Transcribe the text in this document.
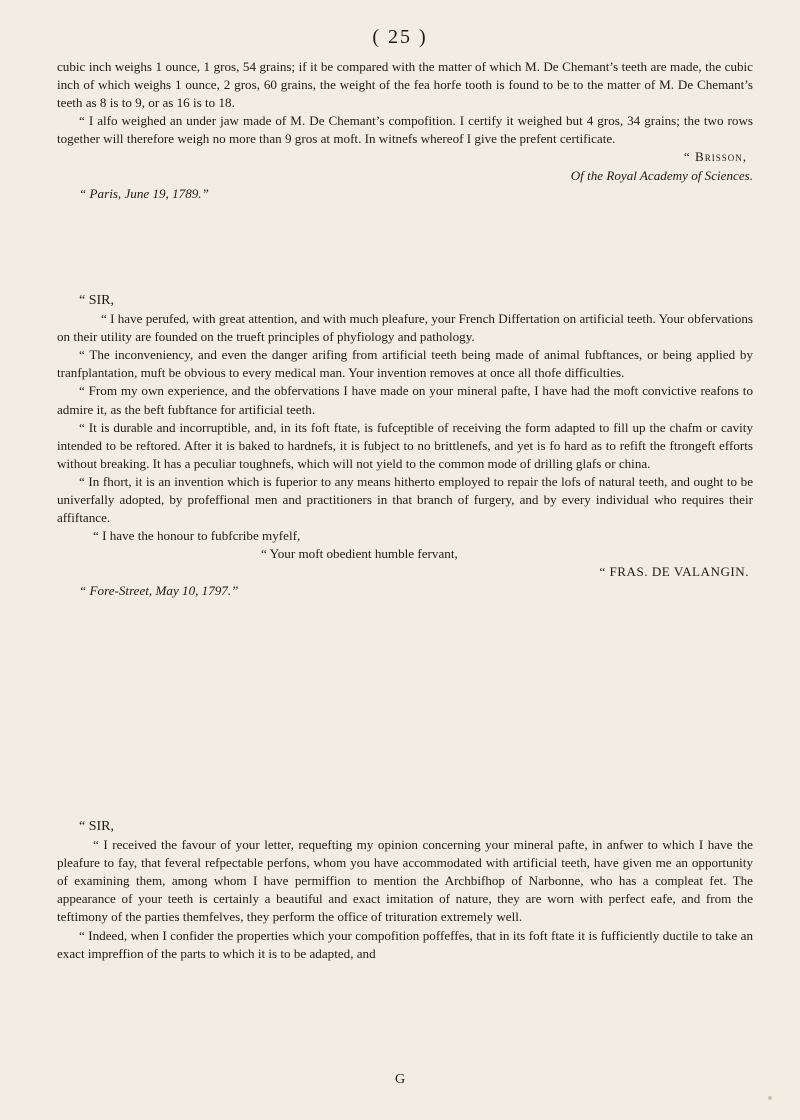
( 25 )

cubic inch weighs 1 ounce, 1 gros, 54 grains; if it be compared with the matter of which M. De Chemant’s teeth are made, the cubic inch of which weighs 1 ounce, 2 gros, 60 grains, the weight of the fea horfe tooth is found to be to the matter of M. De Chemant’s teeth as 8 is to 9, or as 16 is to 18.

“ I alfo weighed an under jaw made of M. De Chemant’s compofition. I certify it weighed but 4 gros, 34 grains; the two rows together will therefore weigh no more than 9 gros at moft. In witnefs whereof I give the prefent certificate.

“ Brisson,

Of the Royal Academy of Sciences.

“ Paris, June 19, 1789.”

“ SIR,

“ I have perufed, with great attention, and with much pleafure, your French Differtation on artificial teeth. Your obfervations on their utility are founded on the trueft principles of phyfiology and pathology.

“ The inconveniency, and even the danger arifing from artificial teeth being made of animal fubftances, or being applied by tranfplantation, muft be obvious to every medical man. Your invention removes at once all thofe difficulties.

“ From my own experience, and the obfervations I have made on your mineral pafte, I have had the moft convictive reafons to admire it, as the beft fubftance for artificial teeth.

“ It is durable and incorruptible, and, in its foft ftate, is fufceptible of receiving the form adapted to fill up the chafm or cavity intended to be reftored. After it is baked to hardnefs, it is fubject to no brittlenefs, and yet is fo hard as to refift the ftrongeft efforts without breaking. It has a peculiar toughnefs, which will not yield to the common mode of drilling glafs or china.

“ In fhort, it is an invention which is fuperior to any means hitherto employed to repair the lofs of natural teeth, and ought to be univerfally adopted, by profeffional men and practitioners in that branch of furgery, and by every individual who requires their affiftance.

“ I have the honour to fubfcribe myfelf,

“ Your moft obedient humble fervant,

“ FRAS. DE VALANGIN.

“ Fore-Street, May 10, 1797.”

“ SIR,

“ I received the favour of your letter, requefting my opinion concerning your mineral pafte, in anfwer to which I have the pleafure to fay, that feveral refpectable perfons, whom you have accommodated with artificial teeth, have given me an opportunity of examining them, among whom I have permiffion to mention the Archbifhop of Narbonne, who has a compleat fet. The appearance of your teeth is certainly a beautiful and exact imitation of nature, they are worn with perfect eafe, and from the teftimony of the parties themfelves, they perform the office of trituration extremely well.

“ Indeed, when I confider the properties which your compofition poffeffes, that in its foft ftate it is fufficiently ductile to take an exact impreffion of the parts to which it is to be adapted, and

G
